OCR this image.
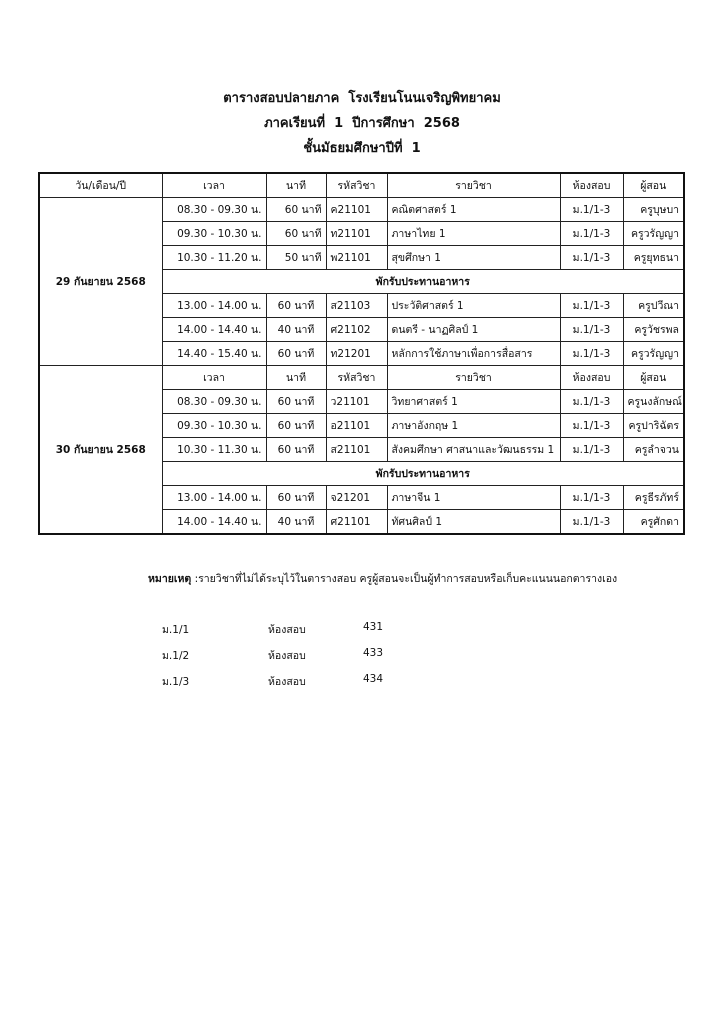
ตารางสอบปลายภาค  โรงเรียนโนนเจริญพิทยาคม
ภาคเรียนที่  1  ปีการศึกษา  2568
ชั้นมัธยมศึกษาปีที่  1
วัน/เดือน/ปี	เวลา	นาที	รหัสวิชา	รายวิชา	ห้องสอบ	ผู้สอน
29 กันยายน 2568	08.30 - 09.30 น.	60 นาที	ค21101	คณิตศาสตร์ 1	ม.1/1-3	ครูบุษบา
	09.30 - 10.30 น.	60 นาที	ท21101	ภาษาไทย 1	ม.1/1-3	ครูวรัญญา
	10.30 - 11.20 น.	50 นาที	พ21101	สุขศึกษา 1	ม.1/1-3	ครูยุทธนา
	พักรับประทานอาหาร					
	13.00 - 14.00 น.	60 นาที	ส21103	ประวัติศาสตร์ 1	ม.1/1-3	ครูปวีณา
	14.00 - 14.40 น.	40 นาที	ศ21102	ดนตรี - นาฏศิลป์ 1	ม.1/1-3	ครูวัชรพล
	14.40 - 15.40 น.	60 นาที	ท21201	หลักการใช้ภาษาเพื่อการสื่อสาร	ม.1/1-3	ครูวรัญญา
30 กันยายน 2568	เวลา	นาที	รหัสวิชา	รายวิชา	ห้องสอบ	ผู้สอน
	08.30 - 09.30 น.	60 นาที	ว21101	วิทยาศาสตร์ 1	ม.1/1-3	ครูนงลักษณ์
	09.30 - 10.30 น.	60 นาที	อ21101	ภาษาอังกฤษ 1	ม.1/1-3	ครูปาริฉัตร
	10.30 - 11.30 น.	60 นาที	ส21101	สังคมศึกษา ศาสนาและวัฒนธรรม 1	ม.1/1-3	ครูลำจวน
	พักรับประทานอาหาร					
	13.00 - 14.00 น.	60 นาที	จ21201	ภาษาจีน 1	ม.1/1-3	ครูธีรภัทร์
	14.00 - 14.40 น.	40 นาที	ศ21101	ทัศนศิลป์ 1	ม.1/1-3	ครูศักดา
หมายเหตุ :รายวิชาที่ไม่ได้ระบุไว้ในตารางสอบ ครูผู้สอนจะเป็นผู้ทำการสอบหรือเก็บคะแนนนอกตารางเอง
ม.1/1	ห้องสอบ	431
ม.1/2	ห้องสอบ	433
ม.1/3	ห้องสอบ	434
